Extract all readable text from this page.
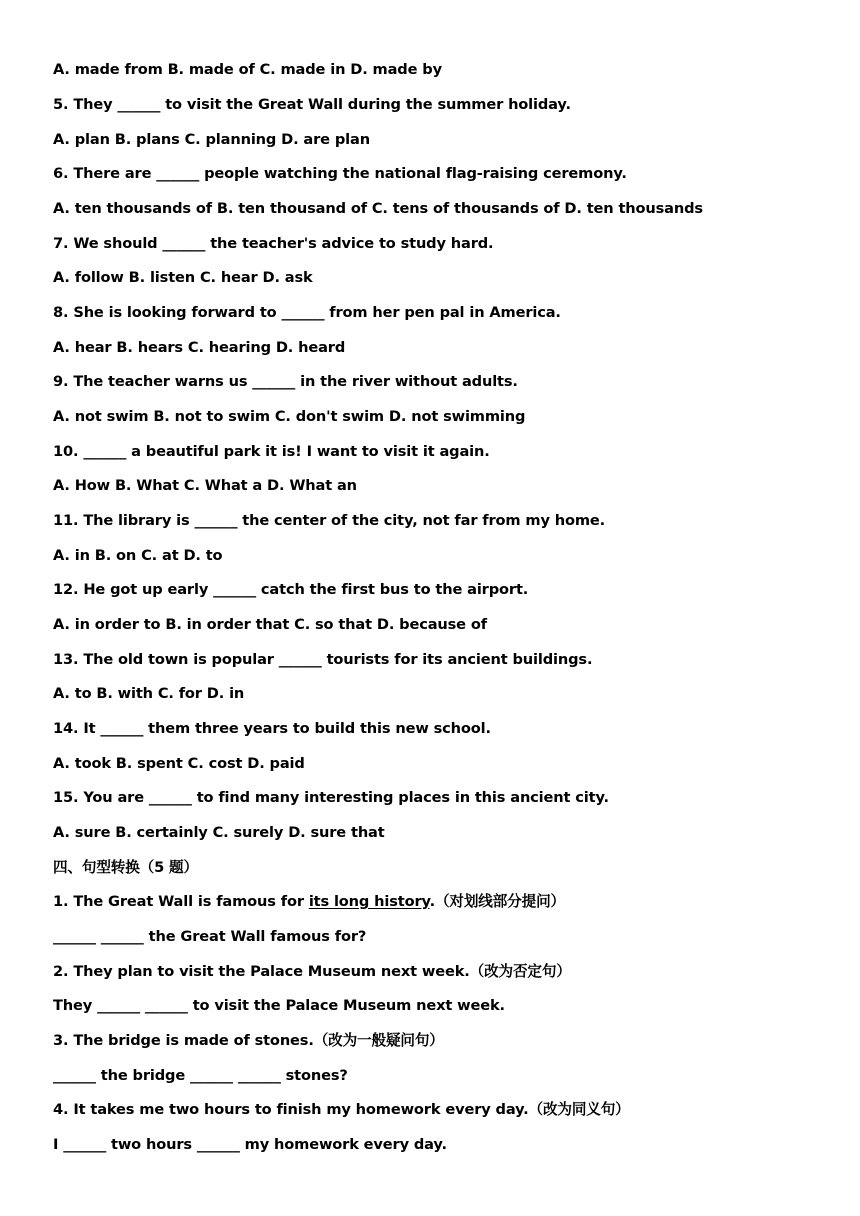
A. made from B. made of C. made in D. made by
5. They ______ to visit the Great Wall during the summer holiday.
A. plan B. plans C. planning D. are plan
6. There are ______ people watching the national flag-raising ceremony.
A. ten thousands of B. ten thousand of C. tens of thousands of D. ten thousands
7. We should ______ the teacher's advice to study hard.
A. follow B. listen C. hear D. ask
8. She is looking forward to ______ from her pen pal in America.
A. hear B. hears C. hearing D. heard
9. The teacher warns us ______ in the river without adults.
A. not swim B. not to swim C. don't swim D. not swimming
10. ______ a beautiful park it is! I want to visit it again.
A. How B. What C. What a D. What an
11. The library is ______ the center of the city, not far from my home.
A. in B. on C. at D. to
12. He got up early ______ catch the first bus to the airport.
A. in order to B. in order that C. so that D. because of
13. The old town is popular ______ tourists for its ancient buildings.
A. to B. with C. for D. in
14. It ______ them three years to build this new school.
A. took B. spent C. cost D. paid
15. You are ______ to find many interesting places in this ancient city.
A. sure B. certainly C. surely D. sure that
四、句型转换（5 题）
1. The Great Wall is famous for its long history.（对划线部分提问）
______ ______ the Great Wall famous for?
2. They plan to visit the Palace Museum next week.（改为否定句）
They ______ ______ to visit the Palace Museum next week.
3. The bridge is made of stones.（改为一般疑问句）
______ the bridge ______ ______ stones?
4. It takes me two hours to finish my homework every day.（改为同义句）
I ______ two hours ______ my homework every day.
